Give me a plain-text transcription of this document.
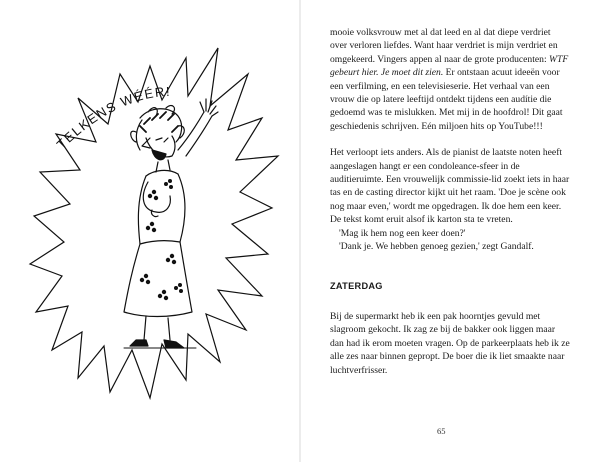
TELKENS WÉÉR!

mooie volksvrouw met al dat leed en al dat diepe verdriet over verloren liefdes. Want haar verdriet is mijn verdriet en omgekeerd. Vingers appen al naar de grote producenten: WTF gebeurt hier. Je moet dit zien. Er ontstaan acuut ideeën voor een verfilming, en een televisieserie. Het verhaal van een vrouw die op latere leeftijd ontdekt tijdens een audítie die gedoemd was te mislukken. Met mij in de hoofdrol! Dit gaat geschiedenis schrijven. Eén miljoen hits op YouTube!!!

Het verloopt iets anders. Als de pianist de laatste noten heeft aangeslagen hangt er een condoleance-sfeer in de auditieruimte. Een vrouwelijk commissie-lid zoekt iets in haar tas en de casting director kijkt uit het raam. 'Doe je scène ook nog maar even,' wordt me opgedragen. Ik doe hem een keer. De tekst komt eruit alsof ik karton sta te vreten.

'Mag ik hem nog een keer doen?'

'Dank je. We hebben genoeg gezien,' zegt Gandalf.

ZATERDAG

Bij de supermarkt heb ik een pak hoorntjes gevuld met slagroom gekocht. Ik zag ze bij de bakker ook liggen maar dan had ik erom moeten vragen. Op de parkeerplaats heb ik ze alle zes naar binnen gepropt. De boer die ik liet smaakte naar luchtverfrisser.

65
